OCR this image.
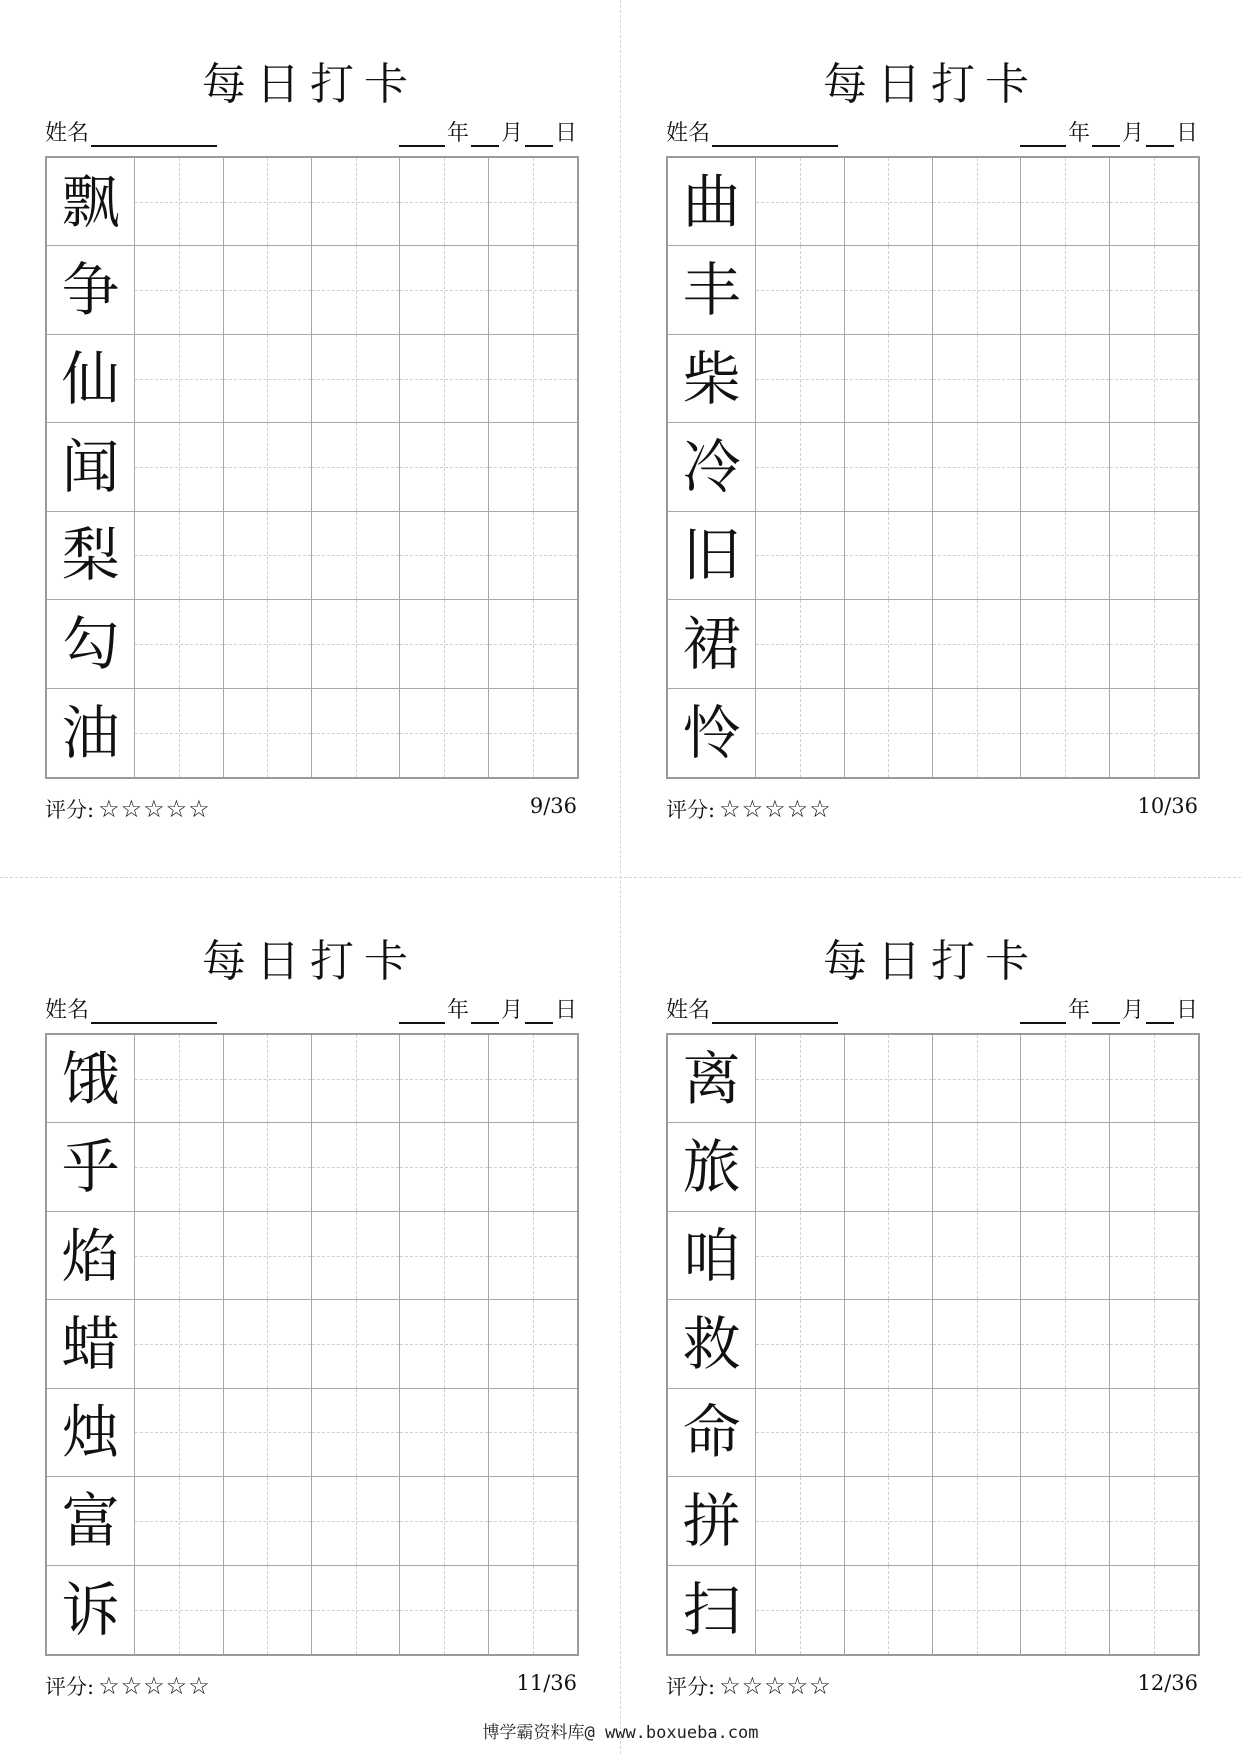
每日打卡
姓名	年 月 日
飘
争
仙
闻
梨
勾
油
评分: ☆☆☆☆☆	9/36
每日打卡
姓名	年 月 日
曲
丰
柴
冷
旧
裙
怜
评分: ☆☆☆☆☆	10/36
每日打卡
姓名	年 月 日
饿
乎
焰
蜡
烛
富
诉
评分: ☆☆☆☆☆	11/36
每日打卡
姓名	年 月 日
离
旅
咱
救
命
拼
扫
评分: ☆☆☆☆☆	12/36
博学霸资料库@ www.boxueba.com
